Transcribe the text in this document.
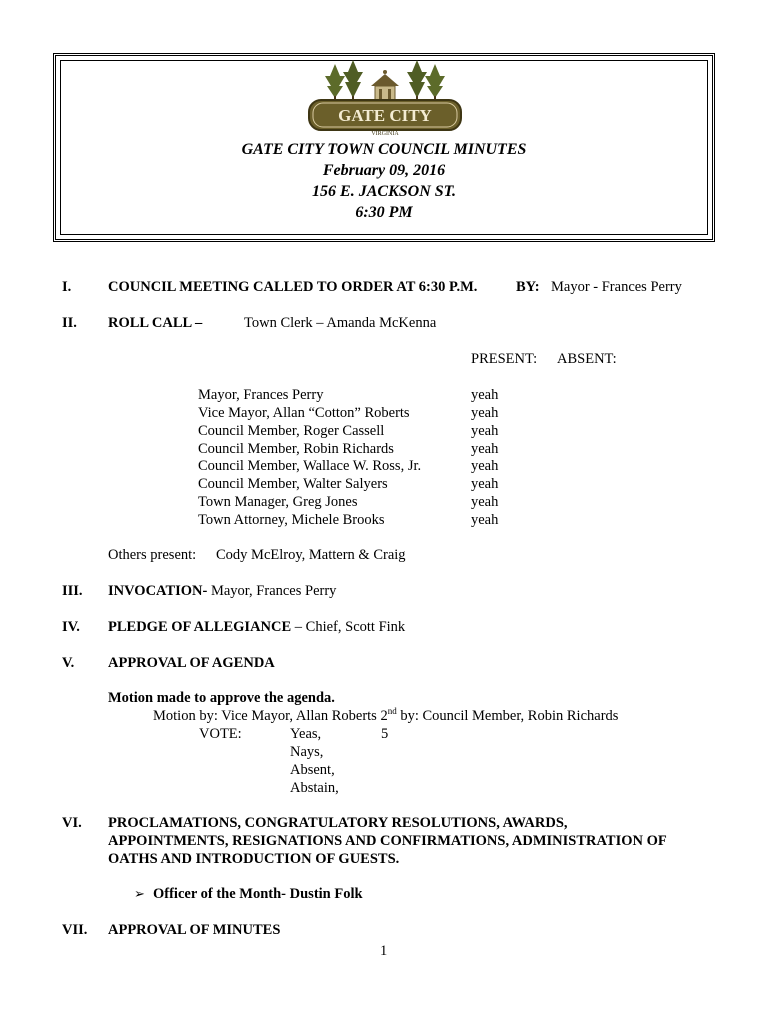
GATE CITY
VIRGINIA
GATE CITY TOWN COUNCIL MINUTES
February 09, 2016
156 E. JACKSON ST.
6:30 PM
I.	COUNCIL MEETING CALLED TO ORDER AT 6:30 P.M.	BY: Mayor - Frances Perry
II. ROLL CALL –	Town Clerk – Amanda McKenna
PRESENT: ABSENT:
Mayor, Frances Perry	yeah
Vice Mayor, Allan “Cotton” Roberts	yeah
Council Member, Roger Cassell	yeah
Council Member, Robin Richards	yeah
Council Member, Wallace W. Ross, Jr.	yeah
Council Member, Walter Salyers	yeah
Town Manager, Greg Jones	yeah
Town Attorney, Michele Brooks	yeah
Others present: Cody McElroy, Mattern & Craig
III. INVOCATION- Mayor, Frances Perry
IV. PLEDGE OF ALLEGIANCE – Chief, Scott Fink
V. APPROVAL OF AGENDA
Motion made to approve the agenda.
Motion by: Vice Mayor, Allan Roberts 2nd by: Council Member, Robin Richards
VOTE:	Yeas,	5
Nays,
Absent,
Abstain,
VI. PROCLAMATIONS, CONGRATULATORY RESOLUTIONS, AWARDS,
APPOINTMENTS, RESIGNATIONS AND CONFIRMATIONS, ADMINISTRATION OF
OATHS AND INTRODUCTION OF GUESTS.
➢ Officer of the Month- Dustin Folk
VII. APPROVAL OF MINUTES
1
